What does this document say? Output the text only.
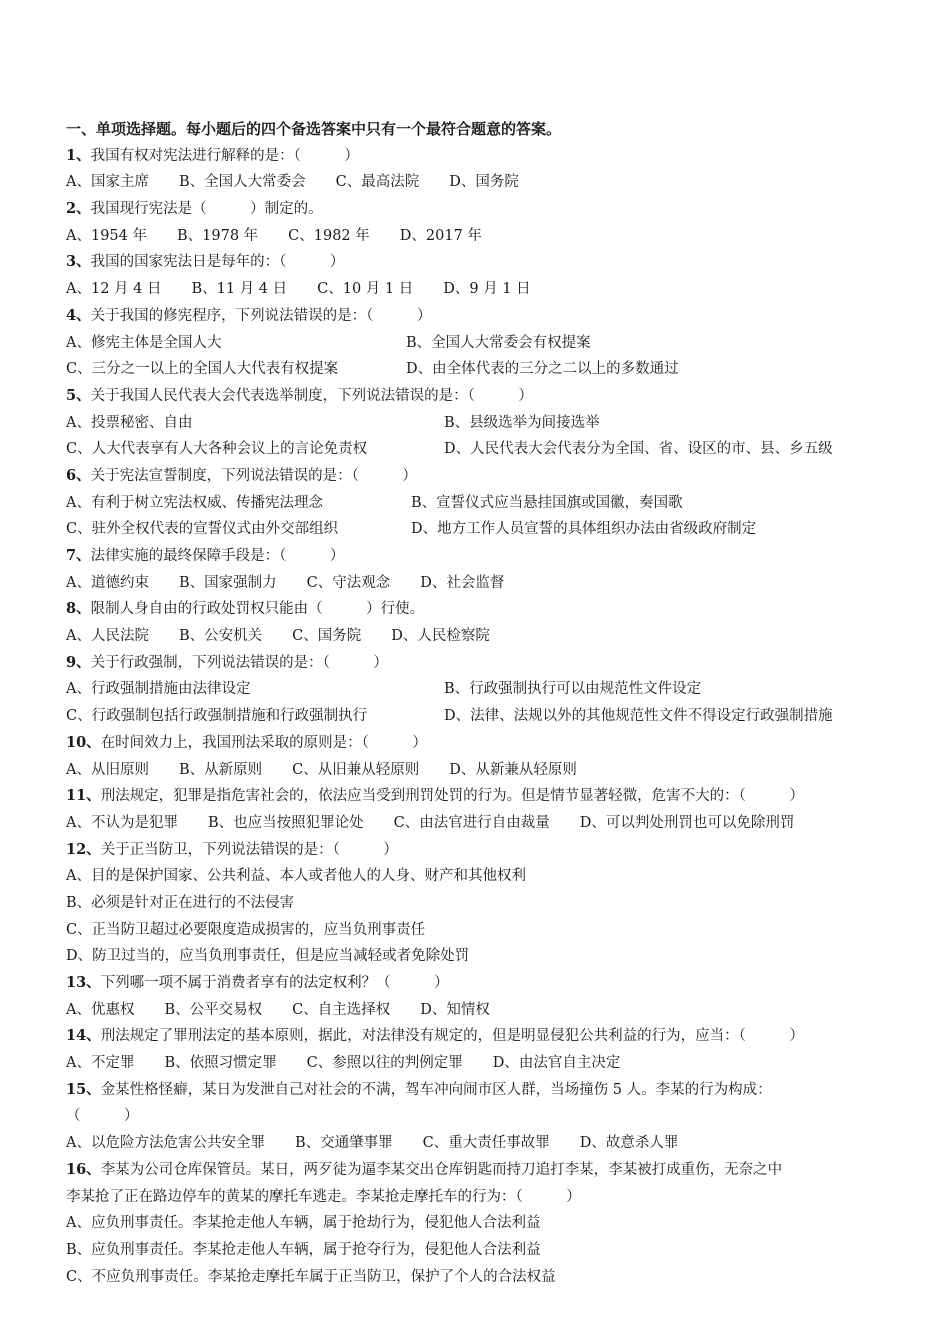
一、单项选择题。每小题后的四个备选答案中只有一个最符合题意的答案。
1、我国有权对宪法进行解释的是：（　　　）
A、国家主席 B、全国人大常委会 C、最高法院 D、国务院
2、我国现行宪法是（　　　）制定的。
A、1954 年 B、1978 年 C、1982 年 D、2017 年
3、我国的国家宪法日是每年的：（　　　）
A、12 月 4 日 B、11 月 4 日 C、10 月 1 日 D、9 月 1 日
4、关于我国的修宪程序，下列说法错误的是：（　　　）
A、修宪主体是全国人大	B、全国人大常委会有权提案
C、三分之一以上的全国人大代表有权提案	D、由全体代表的三分之二以上的多数通过
5、关于我国人民代表大会代表选举制度，下列说法错误的是：（　　　）
A、投票秘密、自由	B、县级选举为间接选举
C、人大代表享有人大各种会议上的言论免责权	D、人民代表大会代表分为全国、省、设区的市、县、乡五级
6、关于宪法宣誓制度，下列说法错误的是：（　　　）
A、有利于树立宪法权威、传播宪法理念	B、宣誓仪式应当悬挂国旗或国徽，奏国歌
C、驻外全权代表的宣誓仪式由外交部组织	D、地方工作人员宣誓的具体组织办法由省级政府制定
7、法律实施的最终保障手段是：（　　　）
A、道德约束 B、国家强制力 C、守法观念 D、社会监督
8、限制人身自由的行政处罚权只能由（　　　）行使。
A、人民法院 B、公安机关 C、国务院 D、人民检察院
9、关于行政强制，下列说法错误的是：（　　　）
A、行政强制措施由法律设定	B、行政强制执行可以由规范性文件设定
C、行政强制包括行政强制措施和行政强制执行	D、法律、法规以外的其他规范性文件不得设定行政强制措施
10、在时间效力上，我国刑法采取的原则是：（　　　）
A、从旧原则 B、从新原则 C、从旧兼从轻原则 D、从新兼从轻原则
11、刑法规定，犯罪是指危害社会的，依法应当受到刑罚处罚的行为。但是情节显著轻微，危害不大的：（　　　）
A、不认为是犯罪 B、也应当按照犯罪论处 C、由法官进行自由裁量 D、可以判处刑罚也可以免除刑罚
12、关于正当防卫，下列说法错误的是：（　　　）
A、目的是保护国家、公共利益、本人或者他人的人身、财产和其他权利
B、必须是针对正在进行的不法侵害
C、正当防卫超过必要限度造成损害的，应当负刑事责任
D、防卫过当的，应当负刑事责任，但是应当减轻或者免除处罚
13、下列哪一项不属于消费者享有的法定权利？（　　　）
A、优惠权 B、公平交易权 C、自主选择权 D、知情权
14、刑法规定了罪刑法定的基本原则，据此，对法律没有规定的，但是明显侵犯公共利益的行为，应当：（　　　）
A、不定罪 B、依照习惯定罪 C、参照以往的判例定罪 D、由法官自主决定
15、金某性格怪癖，某日为发泄自己对社会的不满，驾车冲向闹市区人群，当场撞伤 5 人。李某的行为构成：
（　　　）
A、以危险方法危害公共安全罪 B、交通肇事罪 C、重大责任事故罪 D、故意杀人罪
16、李某为公司仓库保管员。某日，两歹徒为逼李某交出仓库钥匙而持刀追打李某，李某被打成重伤，无奈之中
李某抢了正在路边停车的黄某的摩托车逃走。李某抢走摩托车的行为：（　　　）
A、应负刑事责任。李某抢走他人车辆，属于抢劫行为，侵犯他人合法利益
B、应负刑事责任。李某抢走他人车辆，属于抢夺行为，侵犯他人合法利益
C、不应负刑事责任。李某抢走摩托车属于正当防卫，保护了个人的合法权益
